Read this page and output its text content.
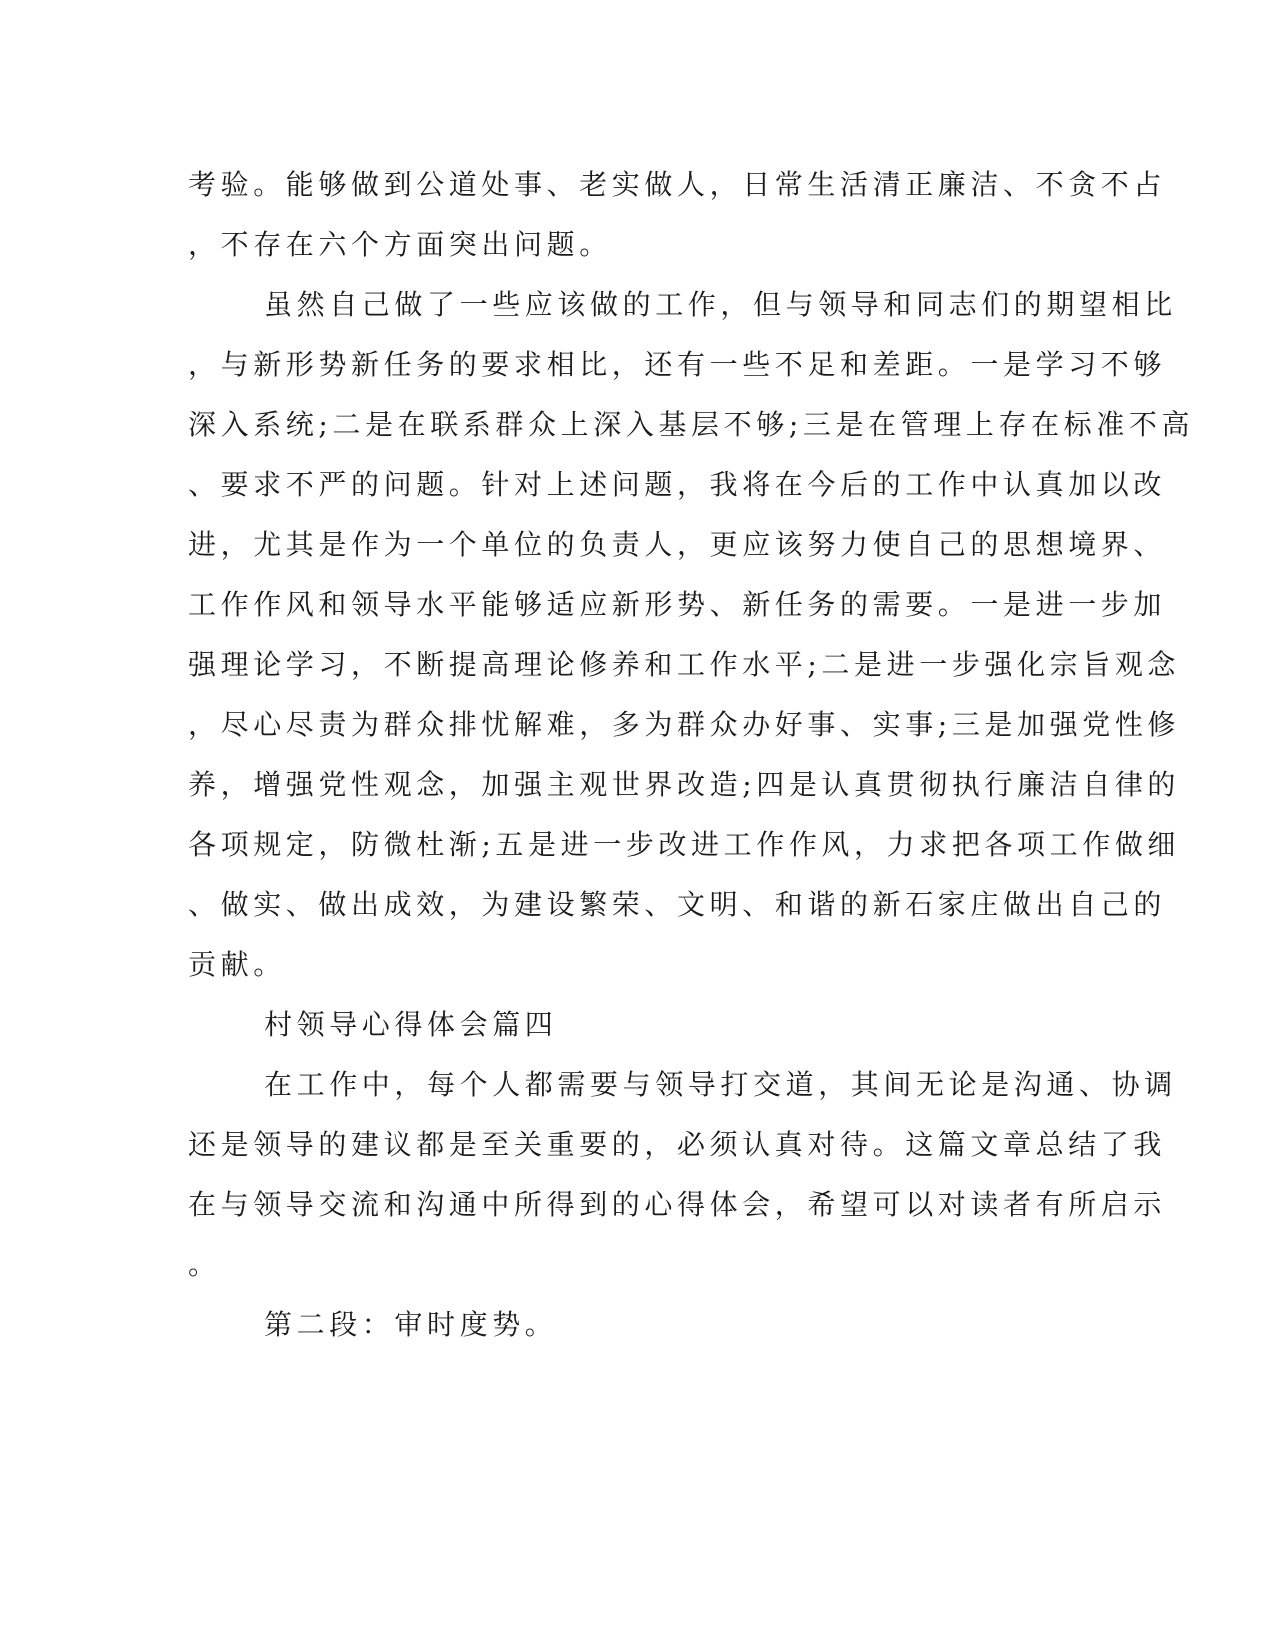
考验。能够做到公道处事、老实做人，日常生活清正廉洁、不贪不占
，不存在六个方面突出问题。
虽然自己做了一些应该做的工作，但与领导和同志们的期望相比
，与新形势新任务的要求相比，还有一些不足和差距。一是学习不够
深入系统;二是在联系群众上深入基层不够;三是在管理上存在标准不高
、要求不严的问题。针对上述问题，我将在今后的工作中认真加以改
进，尤其是作为一个单位的负责人，更应该努力使自己的思想境界、
工作作风和领导水平能够适应新形势、新任务的需要。一是进一步加
强理论学习，不断提高理论修养和工作水平;二是进一步强化宗旨观念
，尽心尽责为群众排忧解难，多为群众办好事、实事;三是加强党性修
养，增强党性观念，加强主观世界改造;四是认真贯彻执行廉洁自律的
各项规定，防微杜渐;五是进一步改进工作作风，力求把各项工作做细
、做实、做出成效，为建设繁荣、文明、和谐的新石家庄做出自己的
贡献。
村领导心得体会篇四
在工作中，每个人都需要与领导打交道，其间无论是沟通、协调
还是领导的建议都是至关重要的，必须认真对待。这篇文章总结了我
在与领导交流和沟通中所得到的心得体会，希望可以对读者有所启示
。
第二段：审时度势。
